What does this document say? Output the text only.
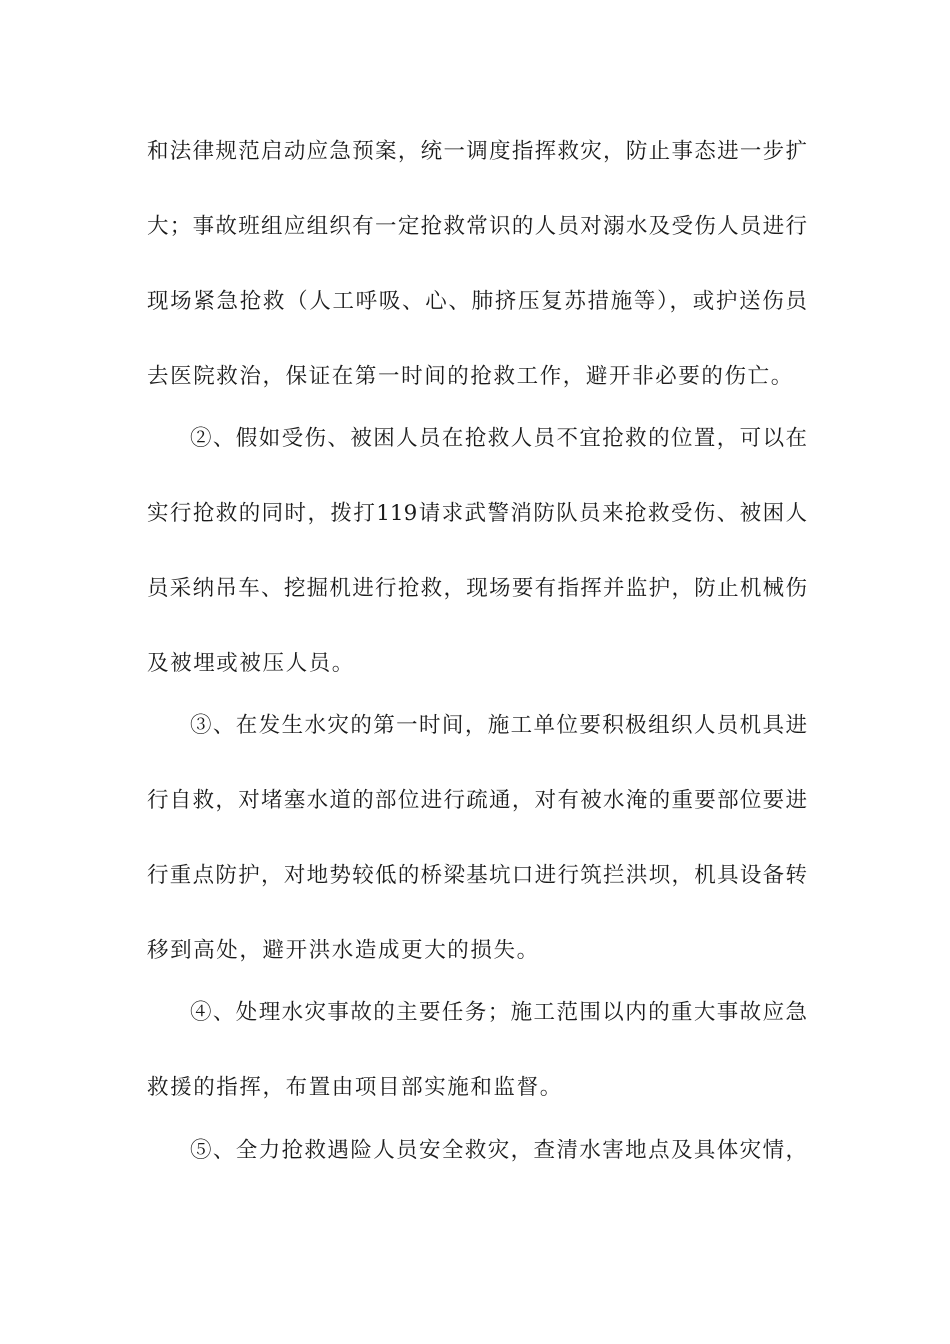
和法律规范启动应急预案，统一调度指挥救灾，防止事态进一步扩
大；事故班组应组织有一定抢救常识的人员对溺水及受伤人员进行
现场紧急抢救（人工呼吸、心、肺挤压复苏措施等），或护送伤员
去医院救治，保证在第一时间的抢救工作，避开非必要的伤亡。
②、假如受伤、被困人员在抢救人员不宜抢救的位置，可以在
实行抢救的同时，拨打119请求武警消防队员来抢救受伤、被困人
员采纳吊车、挖掘机进行抢救，现场要有指挥并监护，防止机械伤
及被埋或被压人员。
③、在发生水灾的第一时间，施工单位要积极组织人员机具进
行自救，对堵塞水道的部位进行疏通，对有被水淹的重要部位要进
行重点防护，对地势较低的桥梁基坑口进行筑拦洪坝，机具设备转
移到高处，避开洪水造成更大的损失。
④、处理水灾事故的主要任务；施工范围以内的重大事故应急
救援的指挥，布置由项目部实施和监督。
⑤、全力抢救遇险人员安全救灾，查清水害地点及具体灾情，
